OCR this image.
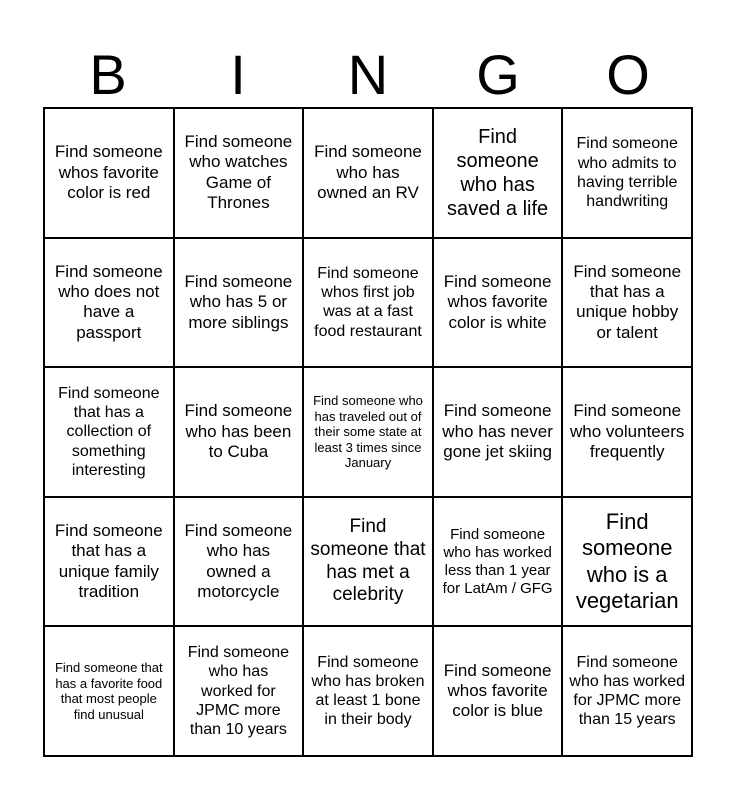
B	I	N	G	O
Find someone whos favorite color is red
Find someone who watches Game of Thrones
Find someone who has owned an RV
Find someone who has saved a life
Find someone who admits to having terrible handwriting
Find someone who does not have a passport
Find someone who has 5 or more siblings
Find someone whos first job was at a fast food restaurant
Find someone whos favorite color is white
Find someone that has a unique hobby or talent
Find someone that has a collection of something interesting
Find someone who has been to Cuba
Find someone who has traveled out of their some state at least 3 times since January
Find someone who has never gone jet skiing
Find someone who volunteers frequently
Find someone that has a unique family tradition
Find someone who has owned a motorcycle
Find someone that has met a celebrity
Find someone who has worked less than 1 year for LatAm / GFG
Find someone who is a vegetarian
Find someone that has a favorite food that most people find unusual
Find someone who has worked for JPMC more than 10 years
Find someone who has broken at least 1 bone in their body
Find someone whos favorite color is blue
Find someone who has worked for JPMC more than 15 years
